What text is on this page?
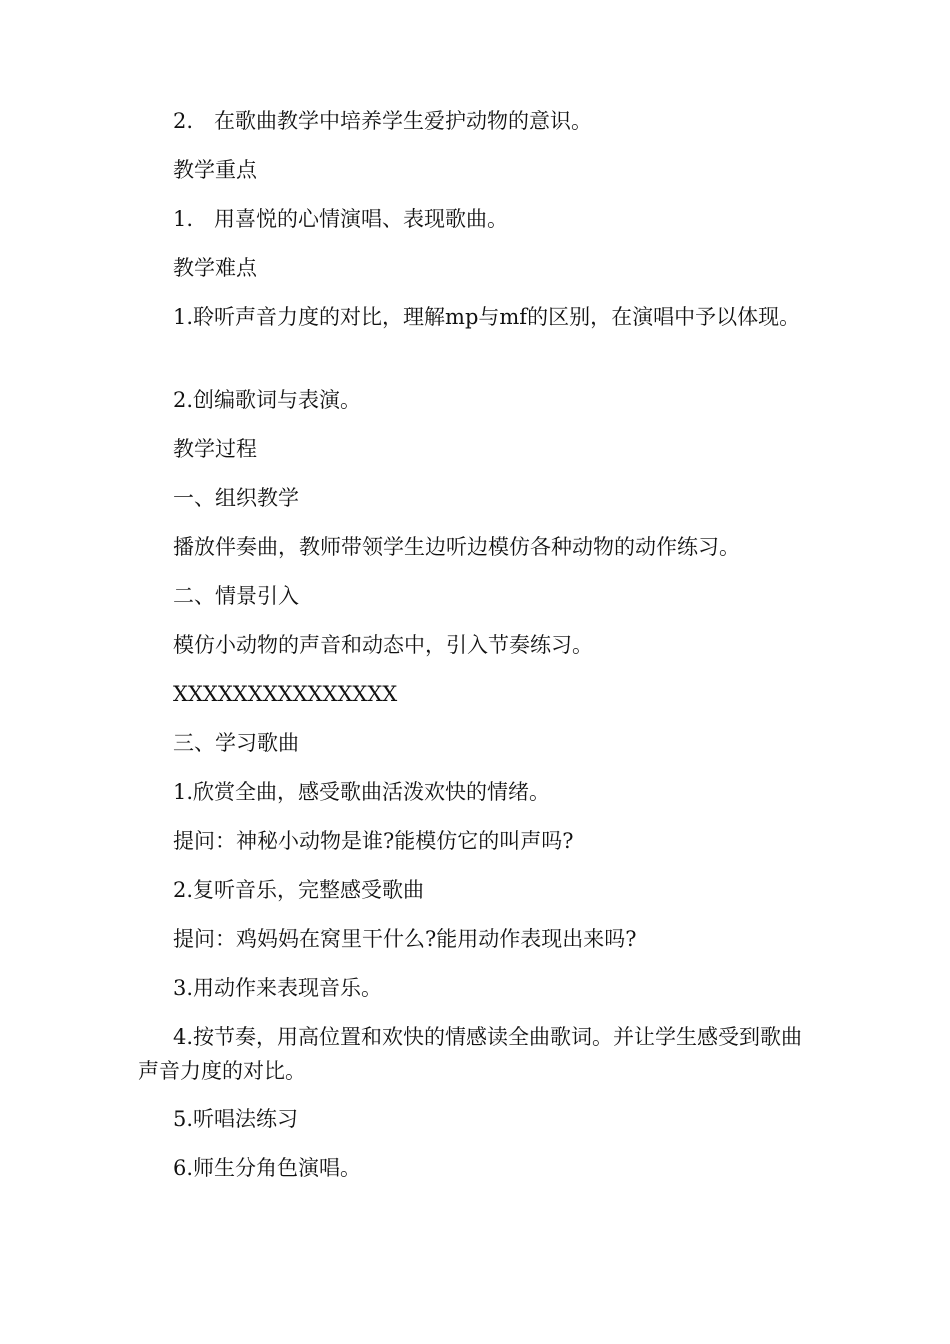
2.　在歌曲教学中培养学生爱护动物的意识。

教学重点

1.　用喜悦的心情演唱、表现歌曲。

教学难点

1.聆听声音力度的对比，理解mp与mf的区别，在演唱中予以体现。

2.创编歌词与表演。

教学过程

一、组织教学

播放伴奏曲，教师带领学生边听边模仿各种动物的动作练习。

二、情景引入

模仿小动物的声音和动态中，引入节奏练习。

XXXXXXXXXXXXXXX

三、学习歌曲

1.欣赏全曲，感受歌曲活泼欢快的情绪。

提问：神秘小动物是谁?能模仿它的叫声吗?

2.复听音乐，完整感受歌曲

提问：鸡妈妈在窝里干什么?能用动作表现出来吗?

3.用动作来表现音乐。

4.按节奏，用高位置和欢快的情感读全曲歌词。并让学生感受到歌曲声音力度的对比。

5.听唱法练习

6.师生分角色演唱。
